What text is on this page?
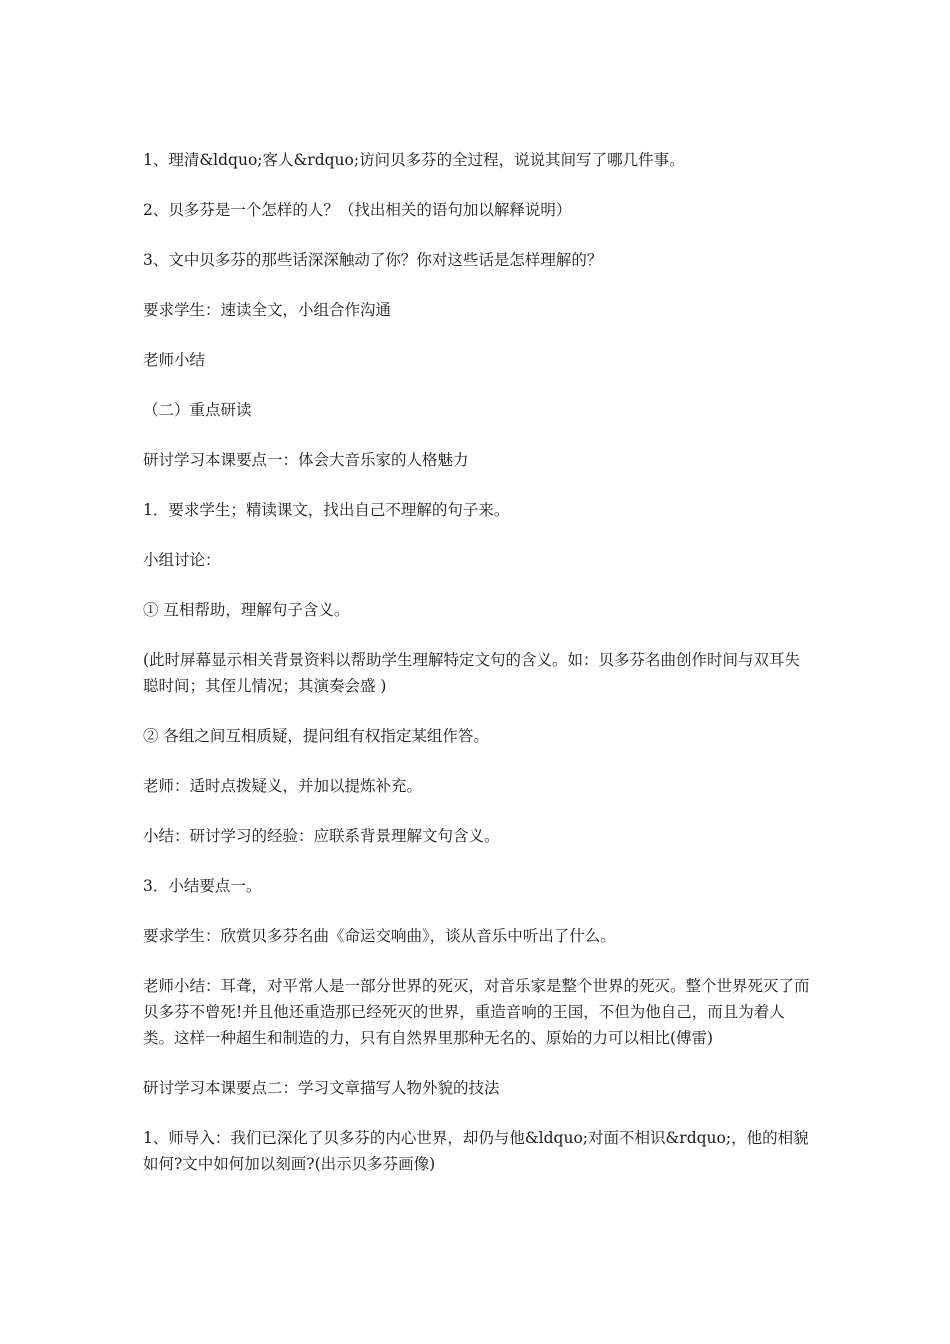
1、理清&ldquo;客人&rdquo;访问贝多芬的全过程，说说其间写了哪几件事。

2、贝多芬是一个怎样的人？（找出相关的语句加以解释说明）

3、文中贝多芬的那些话深深触动了你？你对这些话是怎样理解的？

要求学生：速读全文，小组合作沟通

老师小结

（二）重点研读

研讨学习本课要点一：体会大音乐家的人格魅力

1．要求学生；精读课文，找出自己不理解的句子来。

小组讨论：

① 互相帮助，理解句子含义。

(此时屏幕显示相关背景资料以帮助学生理解特定文句的含义。如：贝多芬名曲创作时间与双耳失聪时间；其侄儿情况；其演奏会盛 )

② 各组之间互相质疑，提问组有权指定某组作答。

老师：适时点拨疑义，并加以提炼补充。

小结：研讨学习的经验：应联系背景理解文句含义。

3．小结要点一。

要求学生：欣赏贝多芬名曲《命运交响曲》，谈从音乐中听出了什么。

老师小结：耳聋，对平常人是一部分世界的死灭，对音乐家是整个世界的死灭。整个世界死灭了而贝多芬不曾死!并且他还重造那已经死灭的世界，重造音响的王国，不但为他自己，而且为着人类。这样一种超生和制造的力，只有自然界里那种无名的、原始的力可以相比(傅雷)

研讨学习本课要点二：学习文章描写人物外貌的技法

1、师导入：我们已深化了贝多芬的内心世界，却仍与他&ldquo;对面不相识&rdquo;，他的相貌如何?文中如何加以刻画?(出示贝多芬画像)
